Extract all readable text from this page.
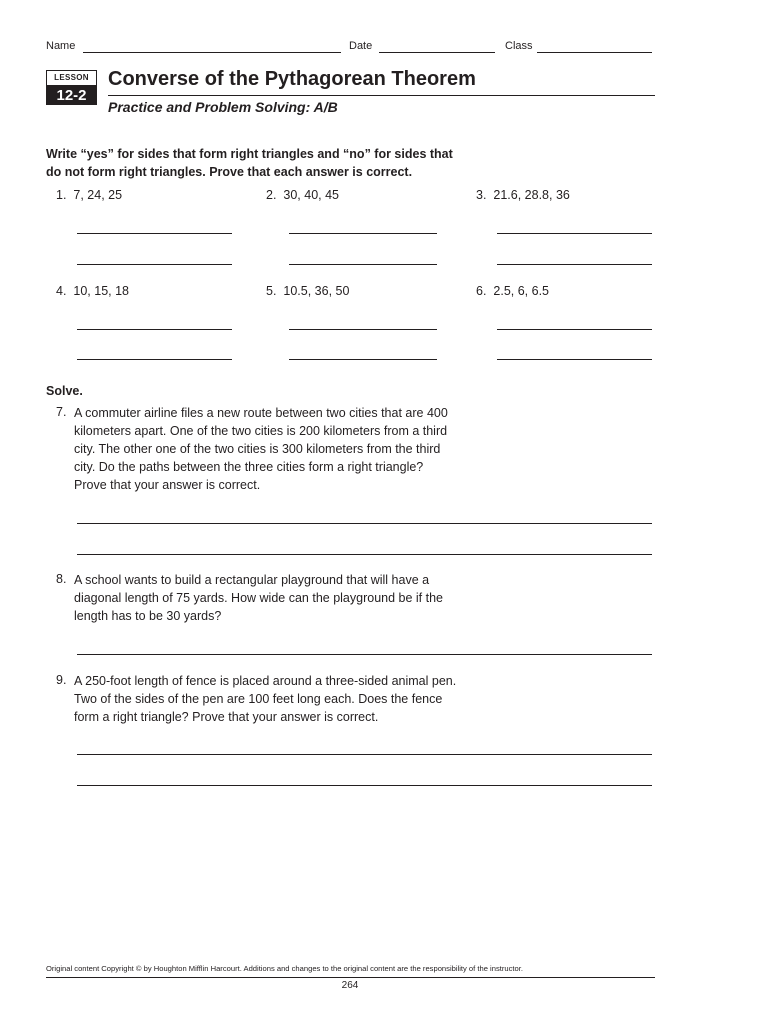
Name	Date	Class
LESSON
12-2
Converse of the Pythagorean Theorem
Practice and Problem Solving: A/B
Write “yes” for sides that form right triangles and “no” for sides that
do not form right triangles. Prove that each answer is correct.
1. 7, 24, 25	2. 30, 40, 45	3. 21.6, 28.8, 36
4. 10, 15, 18	5. 10.5, 36, 50	6. 2.5, 6, 6.5
Solve.
7. A commuter airline files a new route between two cities that are 400
kilometers apart. One of the two cities is 200 kilometers from a third
city. The other one of the two cities is 300 kilometers from the third
city. Do the paths between the three cities form a right triangle?
Prove that your answer is correct.
8. A school wants to build a rectangular playground that will have a
diagonal length of 75 yards. How wide can the playground be if the
length has to be 30 yards?
9. A 250-foot length of fence is placed around a three-sided animal pen.
Two of the sides of the pen are 100 feet long each. Does the fence
form a right triangle? Prove that your answer is correct.
Original content Copyright © by Houghton Mifflin Harcourt. Additions and changes to the original content are the responsibility of the instructor.
264
